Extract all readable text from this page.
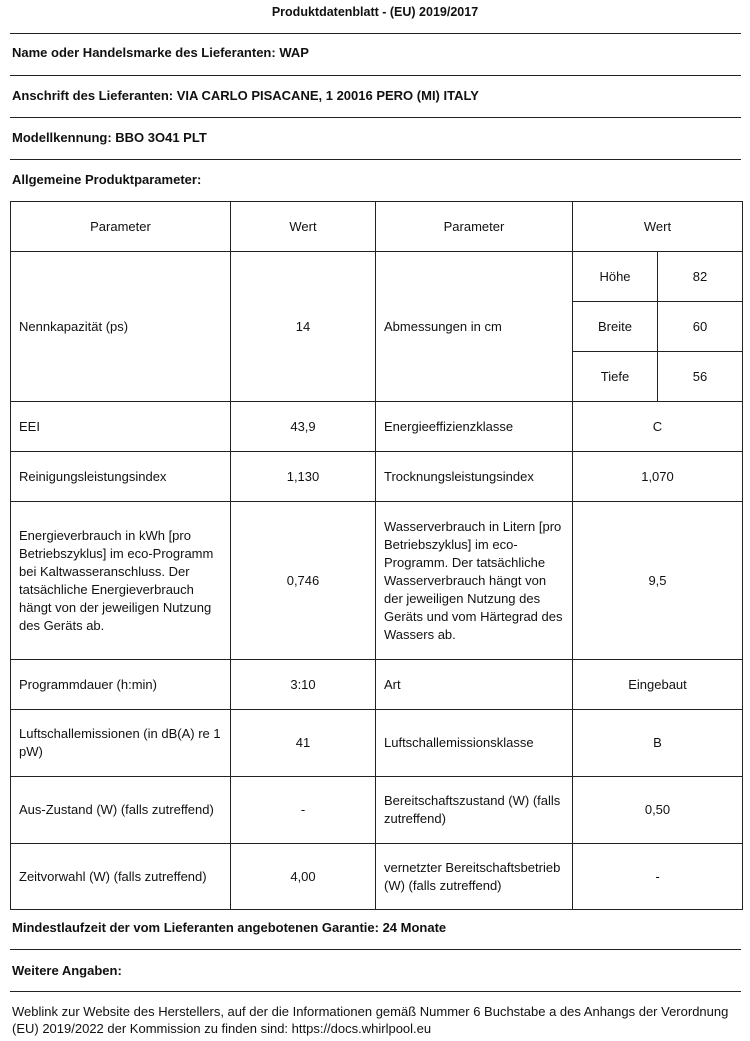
Produktdatenblatt - (EU) 2019/2017
Name oder Handelsmarke des Lieferanten: WAP
Anschrift des Lieferanten: VIA CARLO PISACANE, 1 20016 PERO (MI) ITALY
Modellkennung: BBO 3O41 PLT
Allgemeine Produktparameter:
Parameter	Wert	Parameter	Wert
Nennkapazität (ps)	14	Abmessungen in cm	
Höhe	82
Breite	60
Tiefe	56

EEI	43,9	Energieeffizienzklasse	C
Reinigungsleistungsindex	1,130	Trocknungsleistungsindex	1,070
Energieverbrauch in kWh [pro Betriebszyklus] im eco-Programm bei Kaltwasseranschluss. Der tatsächliche Energieverbrauch hängt von der jeweiligen Nutzung des Geräts ab.	0,746	Wasserverbrauch in Litern [pro Betriebszyklus] im eco-Programm. Der tatsächliche Wasserverbrauch hängt von der jeweiligen Nutzung des Geräts und vom Härtegrad des Wassers ab.	9,5
Programmdauer (h:min)	3:10	Art	Eingebaut
Luftschallemissionen (in dB(A) re 1 pW)	41	Luftschallemissionsklasse	B
Aus-Zustand (W) (falls zutreffend)	-	Bereitschaftszustand (W) (falls zutreffend)	0,50
Zeitvorwahl (W) (falls zutreffend)	4,00	vernetzter Bereitschaftsbetrieb (W) (falls zutreffend)	-
Mindestlaufzeit der vom Lieferanten angebotenen Garantie: 24 Monate
Weitere Angaben:
Weblink zur Website des Herstellers, auf der die Informationen gemäß Nummer 6 Buchstabe a des Anhangs der Verordnung (EU) 2019/2022 der Kommission zu finden sind: https://docs.whirlpool.eu
